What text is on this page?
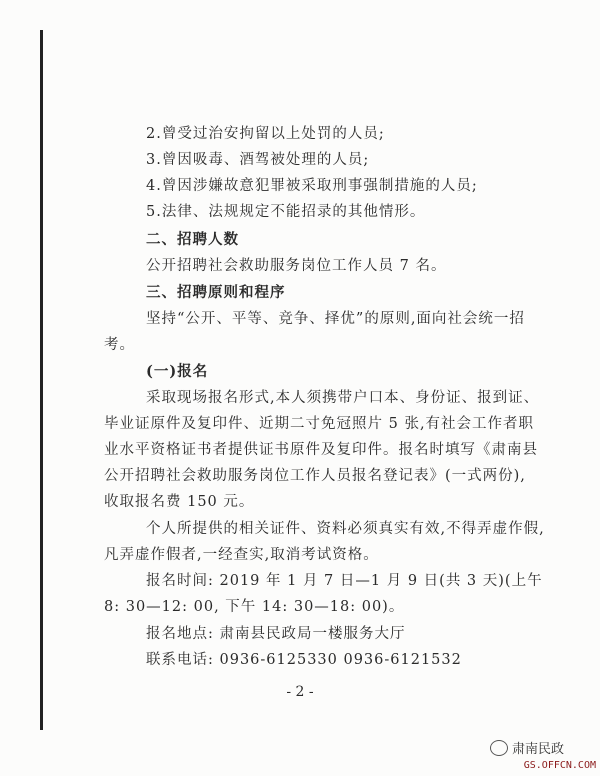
2.曾受过治安拘留以上处罚的人员;
3.曾因吸毒、酒驾被处理的人员;
4.曾因涉嫌故意犯罪被采取刑事强制措施的人员;
5.法律、法规规定不能招录的其他情形。
二、招聘人数
公开招聘社会救助服务岗位工作人员 7 名。
三、招聘原则和程序
坚持“公开、平等、竞争、择优”的原则,面向社会统一招
考。
(一)报名
采取现场报名形式,本人须携带户口本、身份证、报到证、
毕业证原件及复印件、近期二寸免冠照片 5 张,有社会工作者职
业水平资格证书者提供证书原件及复印件。报名时填写《肃南县
公开招聘社会救助服务岗位工作人员报名登记表》(一式两份),
收取报名费 150 元。
个人所提供的相关证件、资料必须真实有效,不得弄虚作假,
凡弄虚作假者,一经查实,取消考试资格。
报名时间: 2019 年 1 月 7 日—1 月 9 日(共 3 天)(上午
8: 30—12: 00, 下午 14: 30—18: 00)。
报名地点: 肃南县民政局一楼服务大厅
联系电话: 0936-6125330 0936-6121532
- 2 -
肃南民政
GS.OFFCN.COM
